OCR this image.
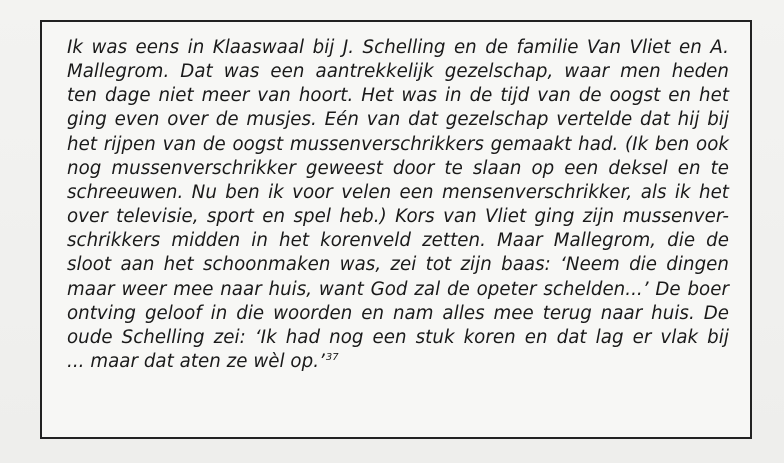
Ik was eens in Klaaswaal bij J. Schelling en de familie Van Vliet en A.
Mallegrom. Dat was een aantrekkelijk gezelschap, waar men heden
ten dage niet meer van hoort. Het was in de tijd van de oogst en het
ging even over de musjes. Eén van dat gezelschap vertelde dat hij bij
het rijpen van de oogst mussenverschrikkers gemaakt had. (Ik ben ook
nog mussenverschrikker geweest door te slaan op een deksel en te
schreeuwen. Nu ben ik voor velen een mensenverschrikker, als ik het
over televisie, sport en spel heb.) Kors van Vliet ging zijn mussenver-
schrikkers midden in het korenveld zetten. Maar Mallegrom, die de
sloot aan het schoonmaken was, zei tot zijn baas: ‘Neem die dingen
maar weer mee naar huis, want God zal de opeter schelden...’ De boer
ontving geloof in die woorden en nam alles mee terug naar huis. De
oude Schelling zei: ‘Ik had nog een stuk koren en dat lag er vlak bij
... maar dat aten ze wèl op.’$^{37}$
